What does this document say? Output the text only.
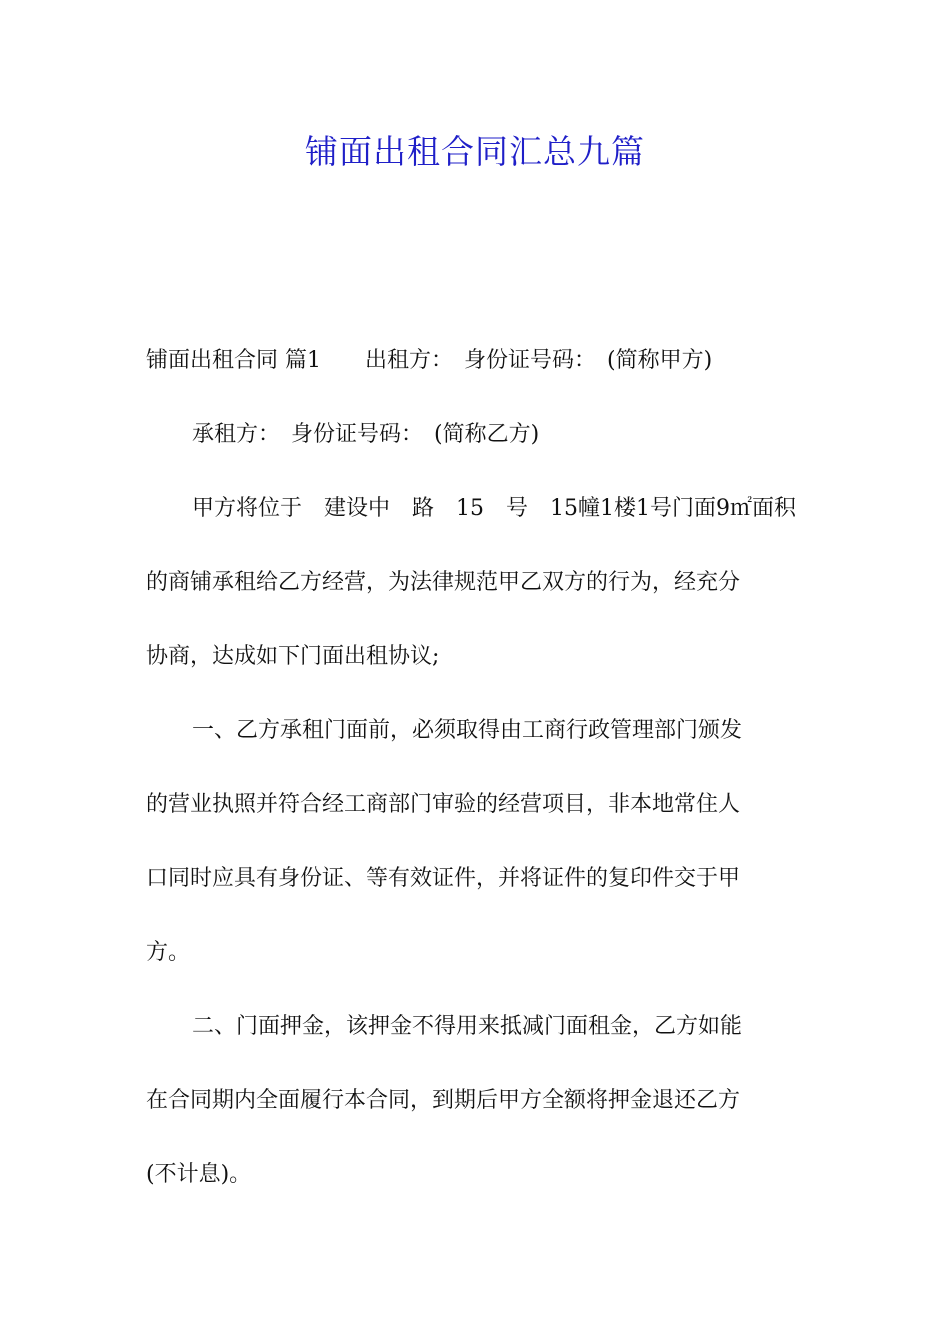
铺面出租合同汇总九篇
铺面出租合同 篇1　　出租方：　身份证号码：　(简称甲方)
承租方：　身份证号码：　(简称乙方)
甲方将位于　建设中　路　15　号　15幢1楼1号门面9㎡面积
的商铺承租给乙方经营，为法律规范甲乙双方的行为，经充分
协商，达成如下门面出租协议;
一、乙方承租门面前，必须取得由工商行政管理部门颁发
的营业执照并符合经工商部门审验的经营项目，非本地常住人
口同时应具有身份证、等有效证件，并将证件的复印件交于甲
方。
二、门面押金，该押金不得用来抵减门面租金，乙方如能
在合同期内全面履行本合同，到期后甲方全额将押金退还乙方
(不计息)。
